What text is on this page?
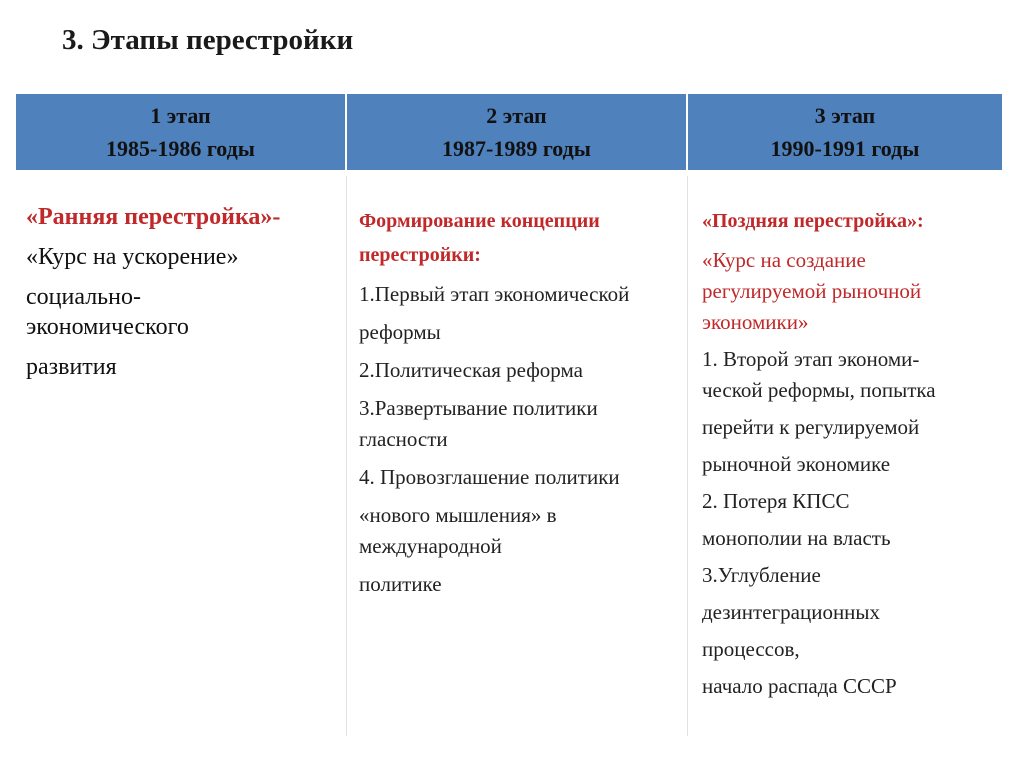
3. Этапы перестройки
1 этап
1985-1986 годы
2 этап
1987-1989 годы
3 этап
1990-1991 годы

«Ранняя перестройка»-

«Курс на ускорение»

социально-

экономического

развития

Формирование концепции

перестройки:

1.Первый этап экономической

реформы

2.Политическая реформа

3.Развертывание политики

гласности

4. Провозглашение политики

«нового мышления» в

международной

политике

«Поздняя перестройка»:

«Курс на создание

регулируемой рыночной

экономики»

1. Второй этап экономи-

ческой реформы, попытка

перейти к регулируемой

рыночной экономике

2. Потеря КПСС

монополии на власть

3.Углубление

дезинтеграционных

процессов,

начало распада СССР
